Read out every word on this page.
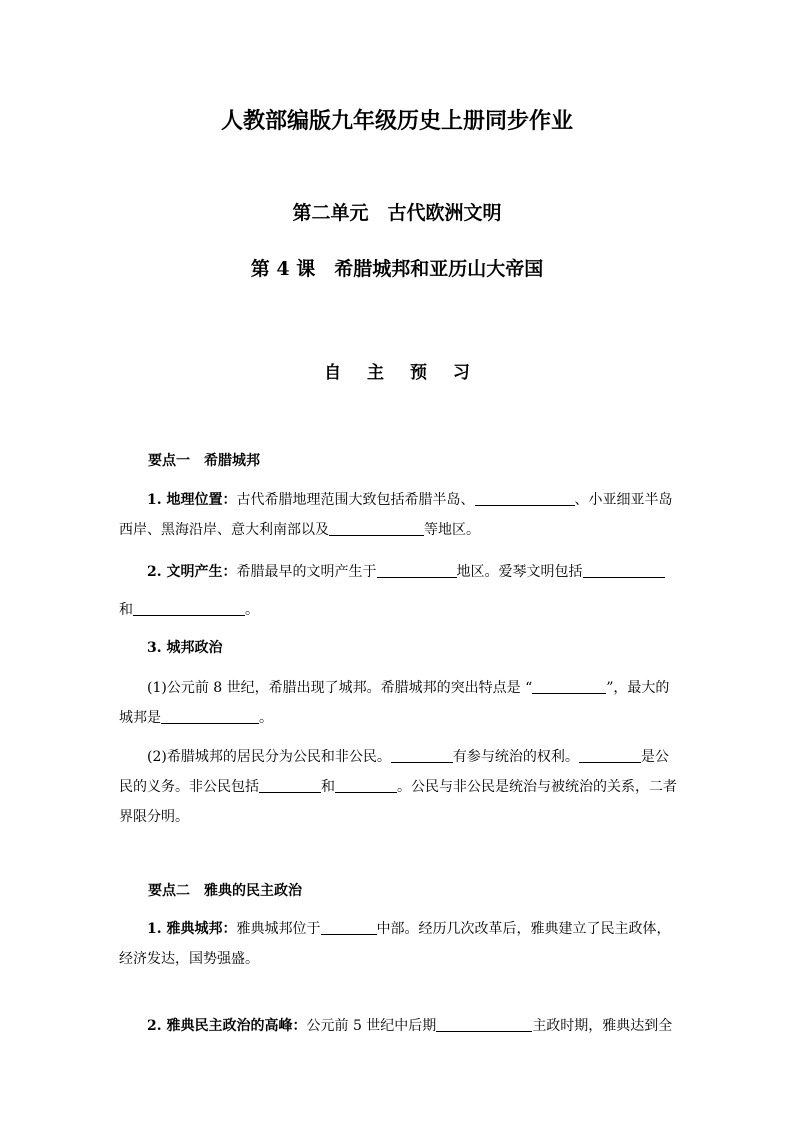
人教部编版九年级历史上册同步作业
第二单元　古代欧洲文明
第 4 课　希腊城邦和亚历山大帝国
自 主 预 习
要点一　希腊城邦
1. 地理位置：古代希腊地理范围大致包括希腊半岛、	、小亚细亚半岛西岸、黑海沿岸、意大利南部以及	等地区。
2. 文明产生：希腊最早的文明产生于	地区。爱琴文明包括
和	。
3. 城邦政治
(1)公元前 8 世纪，希腊出现了城邦。希腊城邦的突出特点是 “	”，最大的城邦是	。
(2)希腊城邦的居民分为公民和非公民。	有参与统治的权利。	是公民的义务。非公民包括	和	。公民与非公民是统治与被统治的关系，二者界限分明。
要点二　雅典的民主政治
1. 雅典城邦：雅典城邦位于	中部。经历几次改革后，雅典建立了民主政体，经济发达，国势强盛。
2. 雅典民主政治的高峰：公元前 5 世纪中后期	主政时期，雅典达到全
